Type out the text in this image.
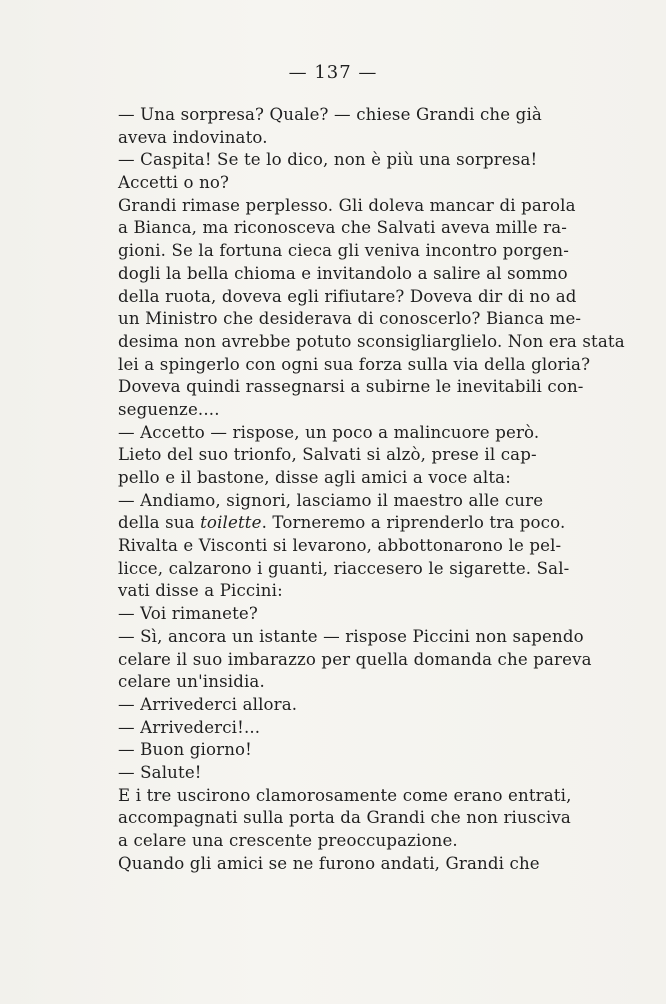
— 137 —
— Una sorpresa? Quale? — chiese Grandi che già
aveva indovinato.
— Caspita! Se te lo dico, non è più una sorpresa!
Accetti o no?
Grandi rimase perplesso. Gli doleva mancar di parola
a Bianca, ma riconosceva che Salvati aveva mille ra-
gioni. Se la fortuna cieca gli veniva incontro porgen-
dogli la bella chioma e invitandolo a salire al sommo
della ruota, doveva egli rifiutare? Doveva dir di no ad
un Ministro che desiderava di conoscerlo? Bianca me-
desima non avrebbe potuto sconsigliarglielo. Non era stata
lei a spingerlo con ogni sua forza sulla via della gloria?
Doveva quindi rassegnarsi a subirne le inevitabili con-
seguenze....
— Accetto — rispose, un poco a malincuore però.
Lieto del suo trionfo, Salvati si alzò, prese il cap-
pello e il bastone, disse agli amici a voce alta:
— Andiamo, signori, lasciamo il maestro alle cure
della sua toilette. Torneremo a riprenderlo tra poco.
Rivalta e Visconti si levarono, abbottonarono le pel-
licce, calzarono i guanti, riaccesero le sigarette. Sal-
vati disse a Piccini:
— Voi rimanete?
— Sì, ancora un istante — rispose Piccini non sapendo
celare il suo imbarazzo per quella domanda che pareva
celare un'insidia.
— Arrivederci allora.
— Arrivederci!...
— Buon giorno!
— Salute!
E i tre uscirono clamorosamente come erano entrati,
accompagnati sulla porta da Grandi che non riusciva
a celare una crescente preoccupazione.
Quando gli amici se ne furono andati, Grandi che
